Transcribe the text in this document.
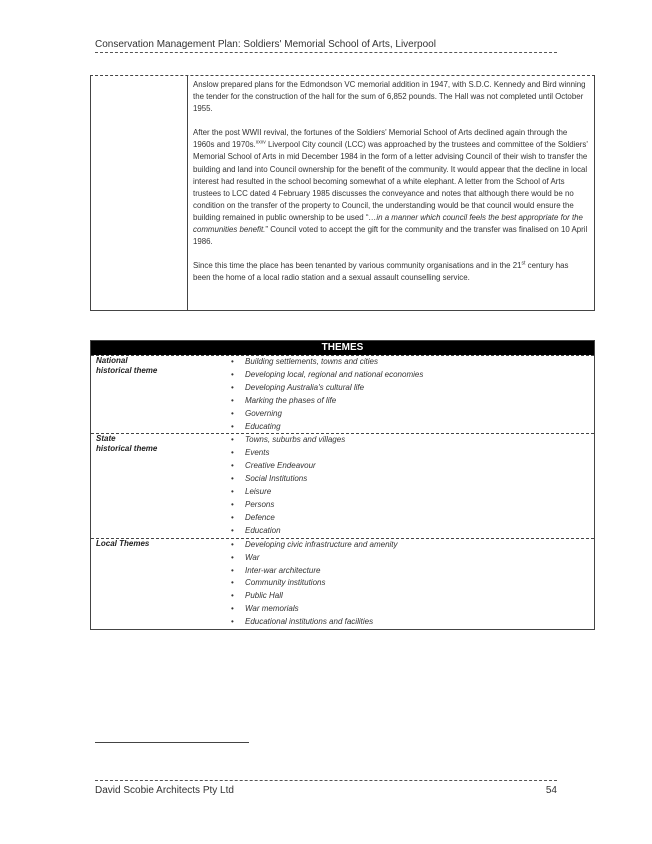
Conservation Management Plan: Soldiers' Memorial School of Arts, Liverpool

Anslow prepared plans for the Edmondson VC memorial addition in 1947, with S.D.C. Kennedy and Bird winning the tender for the construction of the hall for the sum of 6,852 pounds. The Hall was not completed until October 1955.

After the post WWII revival, the fortunes of the Soldiers' Memorial School of Arts declined again through the 1960s and 1970s.$^{xxxv}$ Liverpool City council (LCC) was approached by the trustees and committee of the Soldiers' Memorial School of Arts in mid December 1984 in the form of a letter advising Council of their wish to transfer the building and land into Council ownership for the benefit of the community. It would appear that the decline in local interest had resulted in the school becoming somewhat of a white elephant. A letter from the School of Arts trustees to LCC dated 4 February 1985 discusses the conveyance and notes that although there would be no condition on the transfer of the property to Council, the understanding would be that council would ensure the building remained in public ownership to be used “…in a manner which council feels the best appropriate for the communities benefit.” Council voted to accept the gift for the community and the transfer was finalised on 10 April 1986.

Since this time the place has been tenanted by various community organisations and in the 21st century has been the home of a local radio station and a sexual assault counselling service.

THEMES
National
historical theme
• Building settlements, towns and cities
• Developing local, regional and national economies
• Developing Australia's cultural life
• Marking the phases of life
• Governing
• Educating
State
historical theme
• Towns, suburbs and villages
• Events
• Creative Endeavour
• Social Institutions
• Leisure
• Persons
• Defence
• Education
Local Themes
•	Developing civic infrastructure and amenity
• War
• Inter-war architecture
• Community institutions
• Public Hall
• War memorials
• Educational institutions and facilities
David Scobie Architects Pty Ltd	54
